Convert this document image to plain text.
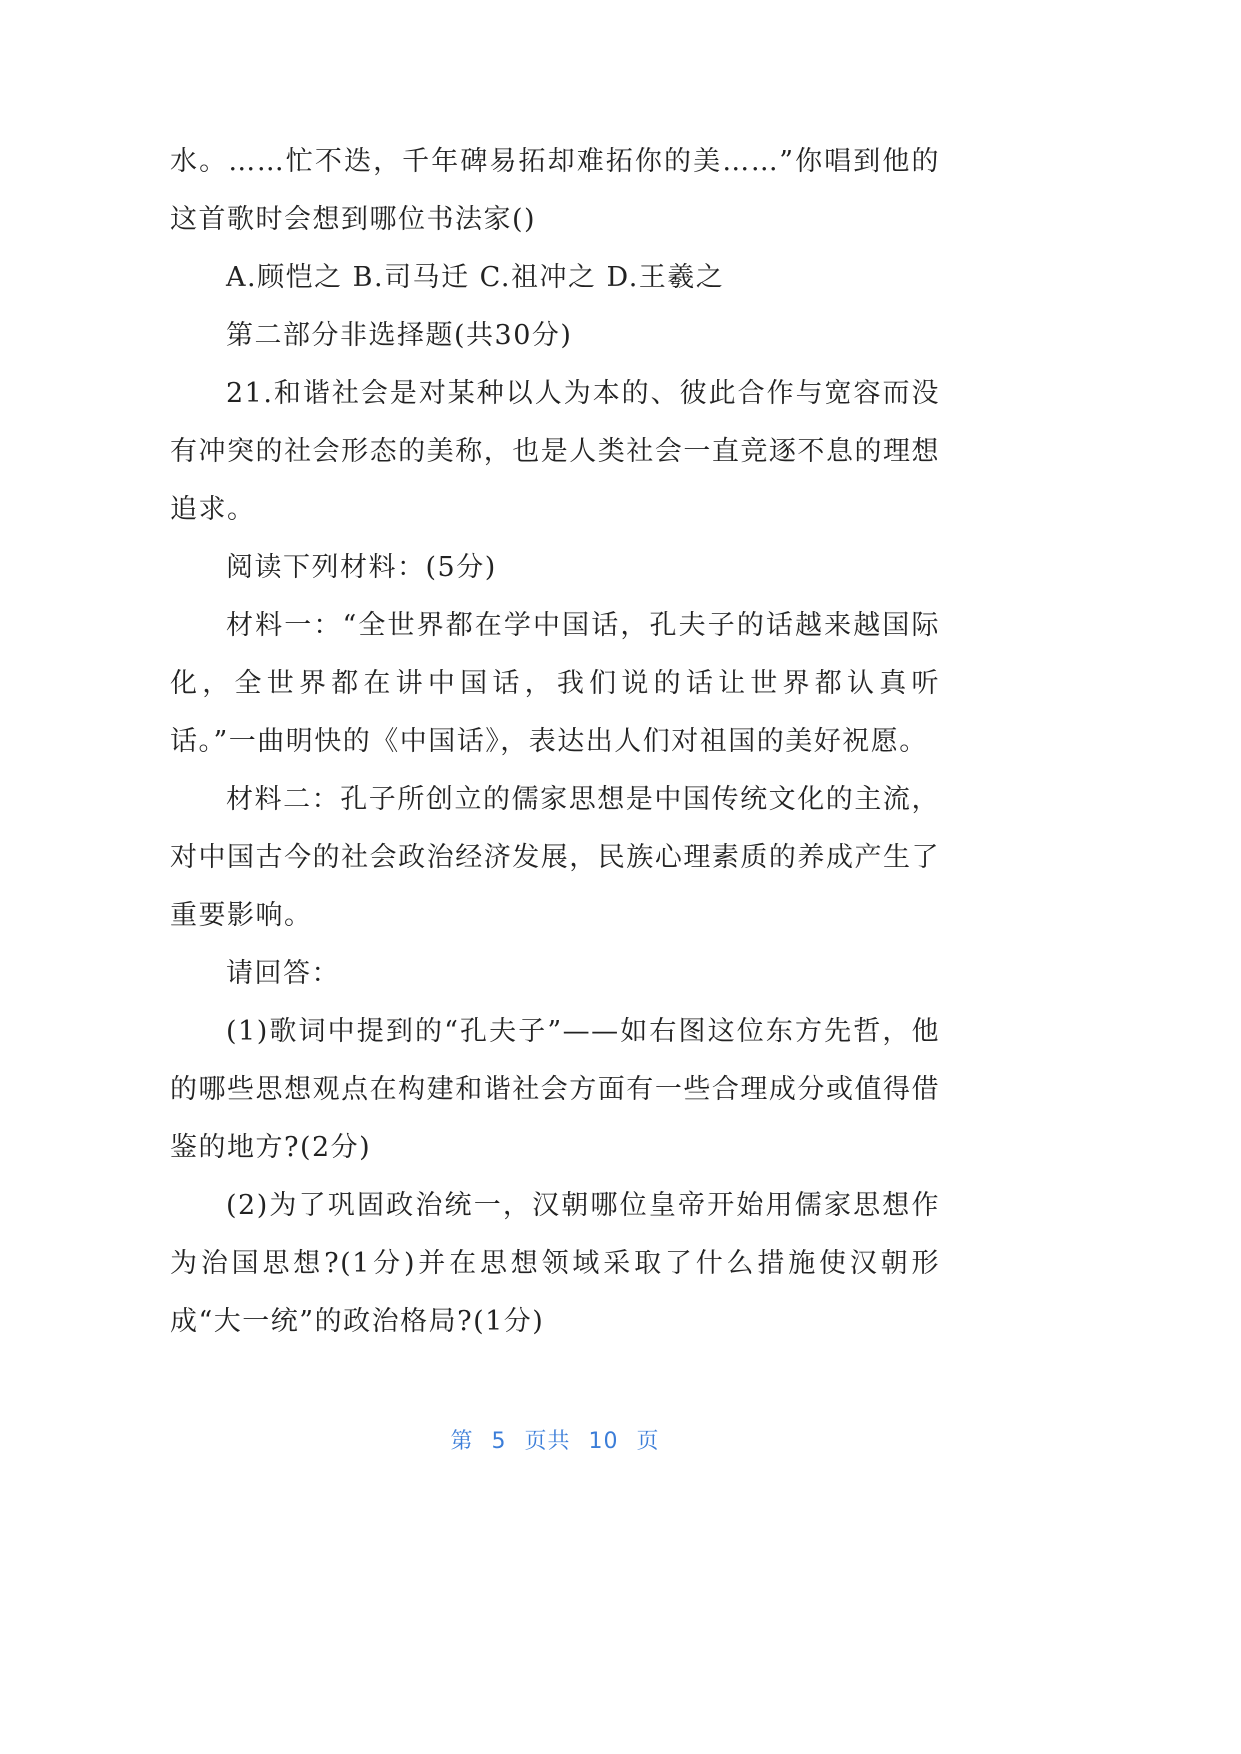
水。……忙不迭，千年碑易拓却难拓你的美……”你唱到他的这首歌时会想到哪位书法家()

A.顾恺之 B.司马迁 C.祖冲之 D.王羲之

第二部分非选择题(共30分)

21.和谐社会是对某种以人为本的、彼此合作与宽容而没有冲突的社会形态的美称，也是人类社会一直竞逐不息的理想追求。

阅读下列材料：(5分)

材料一：“全世界都在学中国话，孔夫子的话越来越国际化，全世界都在讲中国话，我们说的话让世界都认真听话。”一曲明快的《中国话》，表达出人们对祖国的美好祝愿。

材料二：孔子所创立的儒家思想是中国传统文化的主流，对中国古今的社会政治经济发展，民族心理素质的养成产生了重要影响。

请回答：

(1)歌词中提到的“孔夫子”——如右图这位东方先哲，他的哪些思想观点在构建和谐社会方面有一些合理成分或值得借鉴的地方?(2分)

(2)为了巩固政治统一，汉朝哪位皇帝开始用儒家思想作为治国思想?(1分)并在思想领域采取了什么措施使汉朝形成“大一统”的政治格局?(1分)

第 5 页共 10 页
